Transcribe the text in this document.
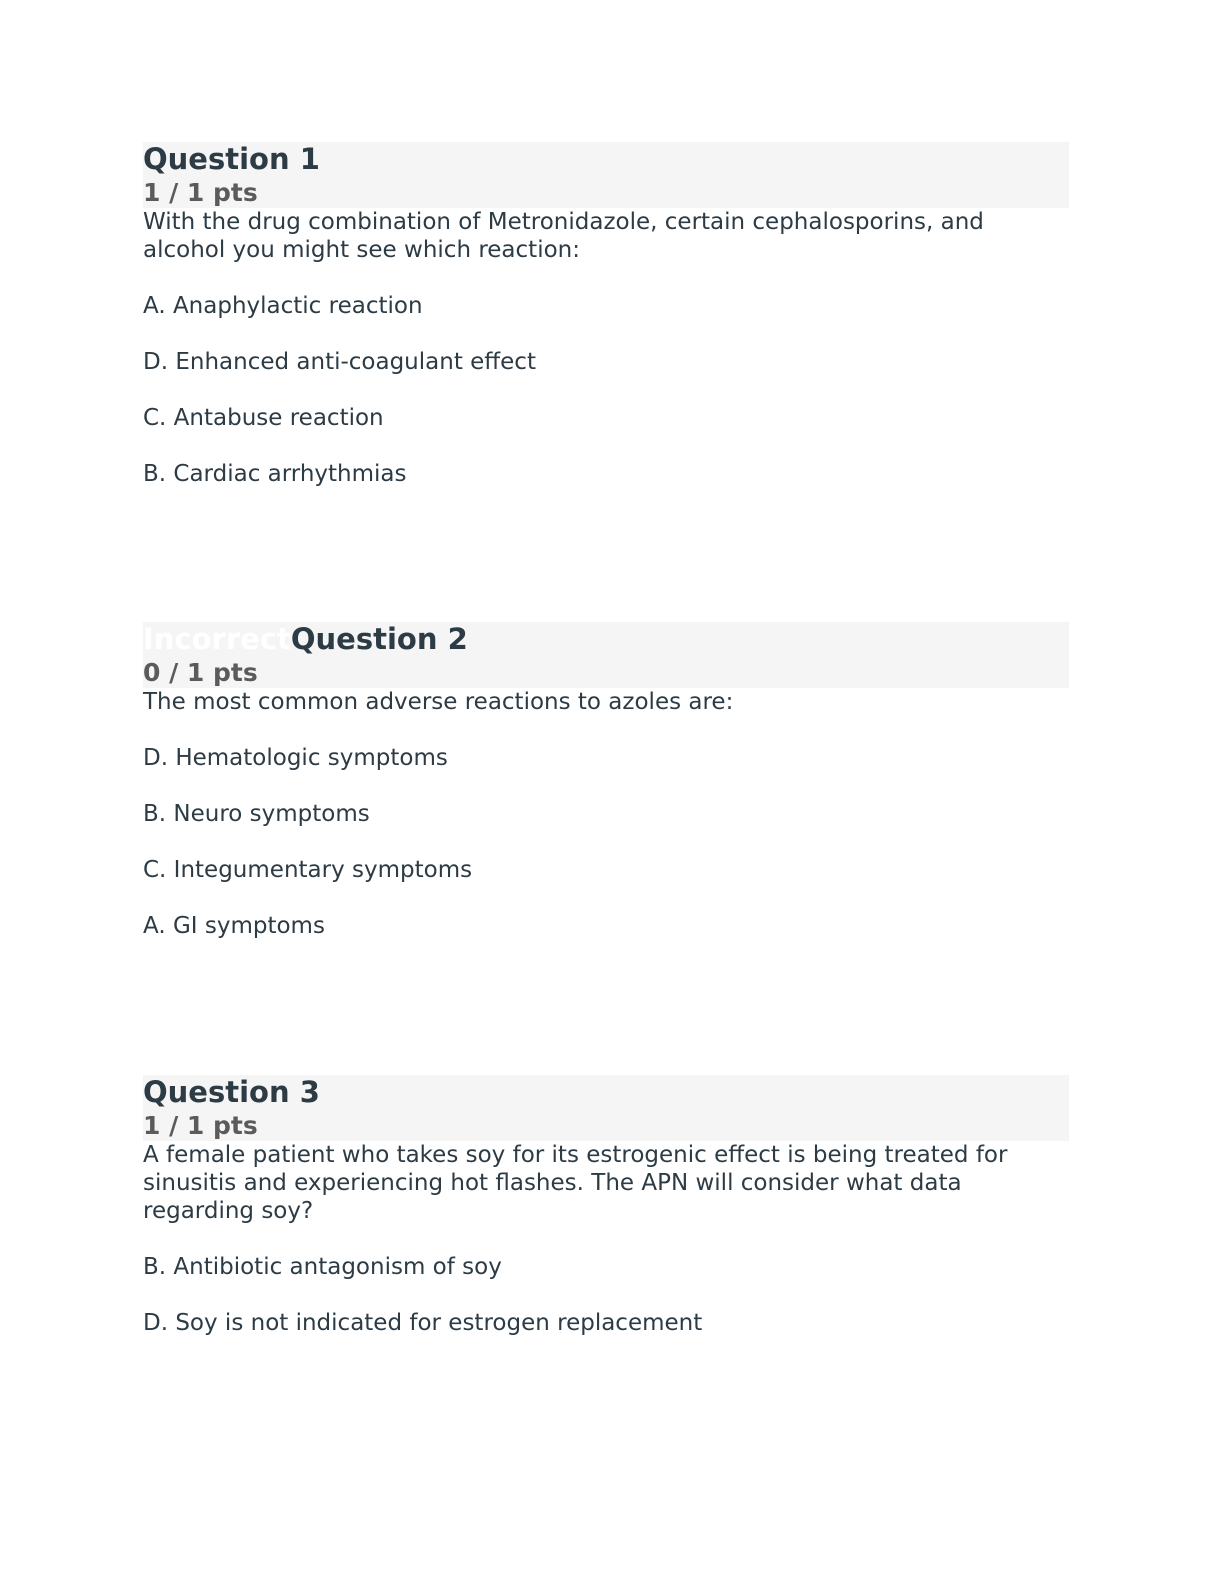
Question 1
1 / 1 pts

With the drug combination of Metronidazole, certain cephalosporins, and alcohol you might see which reaction:

A. Anaphylactic reaction
D. Enhanced anti-coagulant effect
C. Antabuse reaction
B. Cardiac arrhythmias
IncorrectQuestion 2
0 / 1 pts

The most common adverse reactions to azoles are:

D. Hematologic symptoms
B. Neuro symptoms
C. Integumentary symptoms
A. GI symptoms
Question 3
1 / 1 pts

A female patient who takes soy for its estrogenic effect is being treated for sinusitis and experiencing hot flashes. The APN will consider what data regarding soy?

B. Antibiotic antagonism of soy
D. Soy is not indicated for estrogen replacement
